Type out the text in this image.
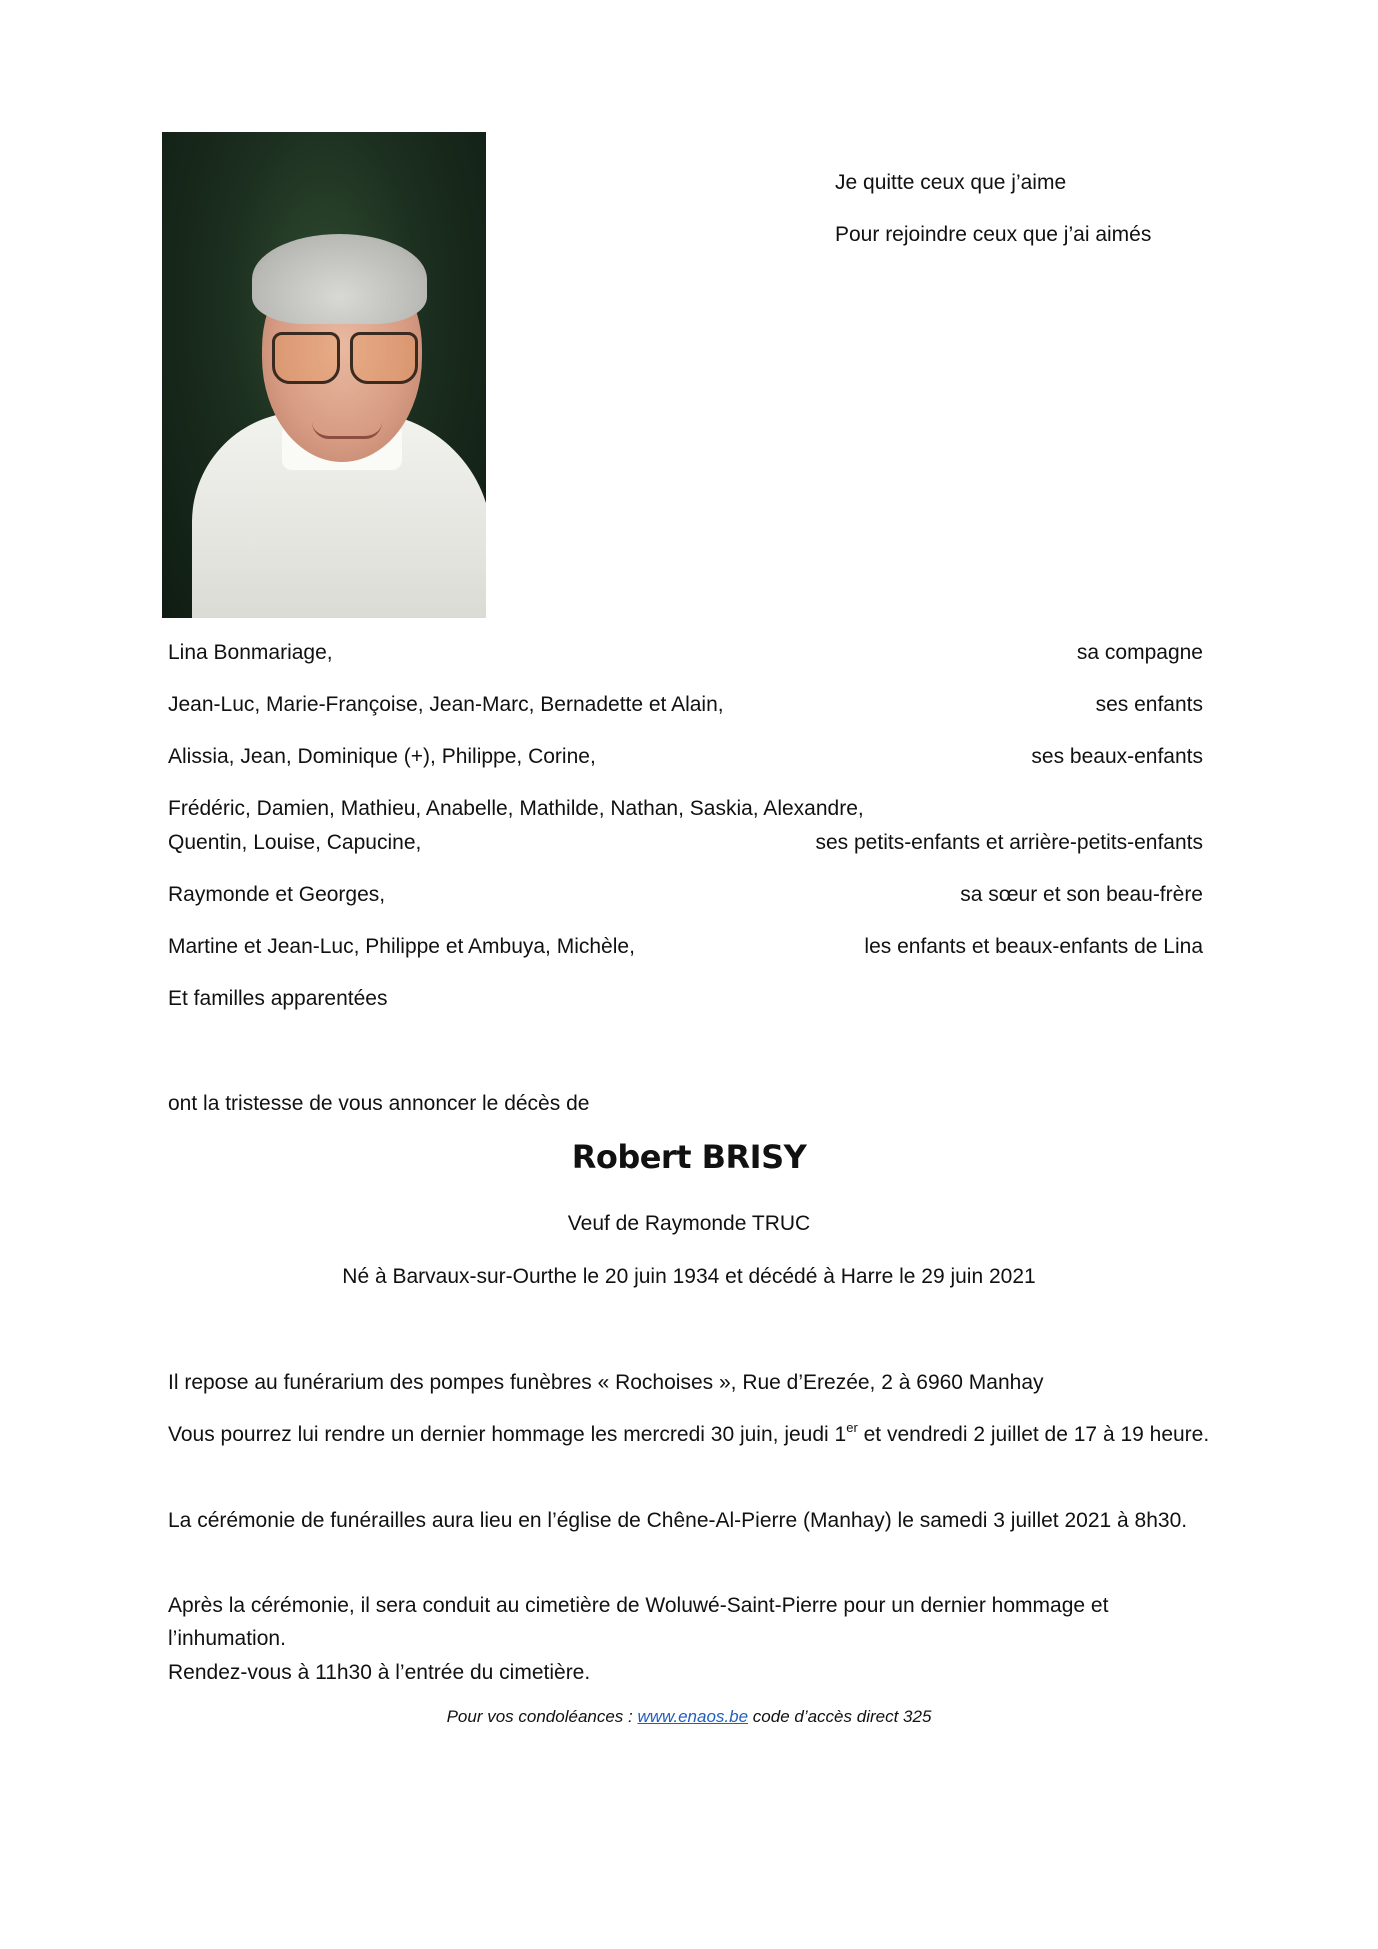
Je quitte ceux que j’aime
Pour rejoindre ceux que j’ai aimés
Lina Bonmariage,	sa compagne
Jean-Luc, Marie-Françoise, Jean-Marc, Bernadette et Alain,	ses enfants
Alissia, Jean, Dominique (+), Philippe, Corine,	ses beaux-enfants
Frédéric, Damien, Mathieu, Anabelle, Mathilde, Nathan, Saskia, Alexandre,
Quentin, Louise, Capucine,	ses petits-enfants et arrière-petits-enfants
Raymonde et Georges,	sa sœur et son beau-frère
Martine et Jean-Luc, Philippe et Ambuya, Michèle,	les enfants et beaux-enfants de Lina
Et familles apparentées
ont la tristesse de vous annoncer le décès de
Robert BRISY
Veuf de Raymonde TRUC
Né à Barvaux-sur-Ourthe le 20 juin 1934 et décédé à Harre le 29 juin 2021
Il repose au funérarium des pompes funèbres « Rochoises », Rue d’Erezée, 2 à 6960 Manhay
Vous pourrez lui rendre un dernier hommage les mercredi 30 juin, jeudi 1er et vendredi 2 juillet de 17 à 19 heure.
La cérémonie de funérailles aura lieu en l’église de Chêne-Al-Pierre (Manhay) le samedi 3 juillet 2021 à 8h30.
Après la cérémonie, il sera conduit au cimetière de Woluwé-Saint-Pierre pour un dernier hommage et l’inhumation.
Rendez-vous à 11h30 à l’entrée du cimetière.
Pour vos condoléances : www.enaos.be code d’accès direct 325
